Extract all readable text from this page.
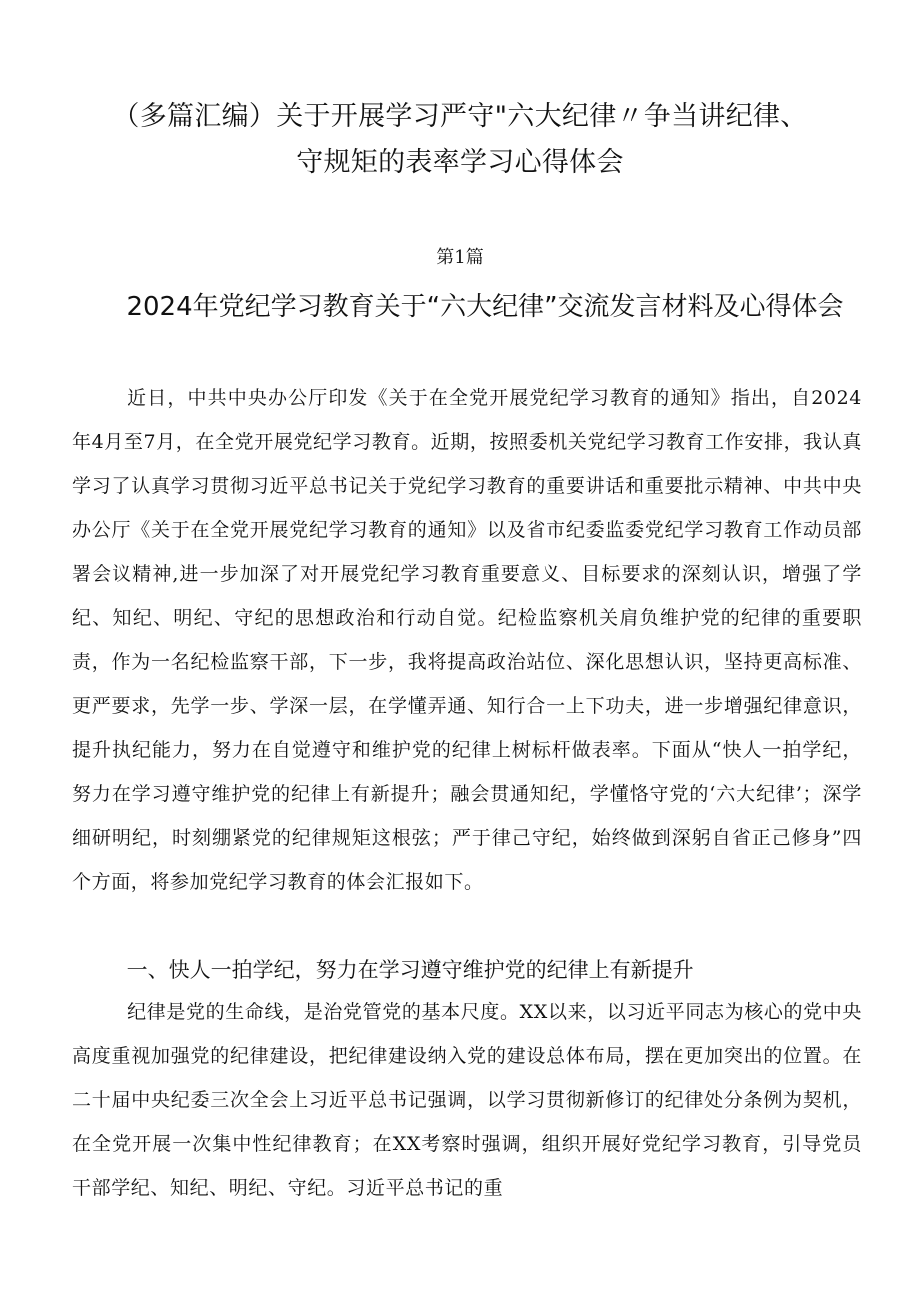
（多篇汇编）关于开展学习严守"六大纪律〃争当讲纪律、守规矩的表率学习心得体会
第1篇
2024年党纪学习教育关于“六大纪律”交流发言材料及心得体会

近日，中共中央办公厅印发《关于在全党开展党纪学习教育的通知》指出，自2024年4月至7月，在全党开展党纪学习教育。近期，按照委机关党纪学习教育工作安排，我认真学习了认真学习贯彻习近平总书记关于党纪学习教育的重要讲话和重要批示精神、中共中央办公厅《关于在全党开展党纪学习教育的通知》以及省市纪委监委党纪学习教育工作动员部署会议精神,进一步加深了对开展党纪学习教育重要意义、目标要求的深刻认识，增强了学纪、知纪、明纪、守纪的思想政治和行动自觉。纪检监察机关肩负维护党的纪律的重要职责，作为一名纪检监察干部，下一步，我将提高政治站位、深化思想认识，坚持更高标准、更严要求，先学一步、学深一层，在学懂弄通、知行合一上下功夫，进一步增强纪律意识，提升执纪能力，努力在自觉遵守和维护党的纪律上树标杆做表率。下面从“快人一拍学纪，努力在学习遵守维护党的纪律上有新提升；融会贯通知纪，学懂恪守党的‘六大纪律’；深学细研明纪，时刻绷紧党的纪律规矩这根弦；严于律己守纪，始终做到深躬自省正己修身”四个方面，将参加党纪学习教育的体会汇报如下。

一、快人一拍学纪，努力在学习遵守维护党的纪律上有新提升

纪律是党的生命线，是治党管党的基本尺度。XX以来，以习近平同志为核心的党中央高度重视加强党的纪律建设，把纪律建设纳入党的建设总体布局，摆在更加突出的位置。在二十届中央纪委三次全会上习近平总书记强调，以学习贯彻新修订的纪律处分条例为契机，在全党开展一次集中性纪律教育；在XX考察时强调，组织开展好党纪学习教育，引导党员干部学纪、知纪、明纪、守纪。习近平总书记的重
